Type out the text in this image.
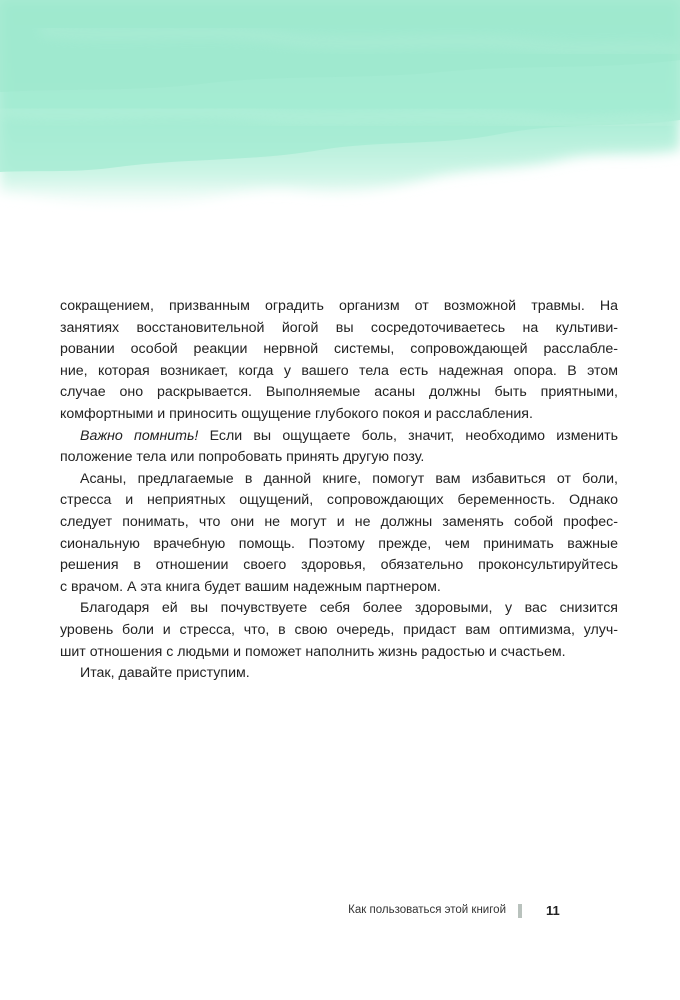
сокращением, призванным оградить организм от возможной травмы. На
занятиях восстановительной йогой вы сосредоточиваетесь на культиви-
ровании особой реакции нервной системы, сопровождающей расслабле-
ние, которая возникает, когда у вашего тела есть надежная опора. В этом
случае оно раскрывается. Выполняемые асаны должны быть приятными,
комфортными и приносить ощущение глубокого покоя и расслабления.

Важно помнить! Если вы ощущаете боль, значит, необходимо изменить
положение тела или попробовать принять другую позу.

Асаны, предлагаемые в данной книге, помогут вам избавиться от боли,
стресса и неприятных ощущений, сопровождающих беременность. Однако
следует понимать, что они не могут и не должны заменять собой профес-
сиональную врачебную помощь. Поэтому прежде, чем принимать важные
решения в отношении своего здоровья, обязательно проконсультируйтесь
с врачом. А эта книга будет вашим надежным партнером.

Благодаря ей вы почувствуете себя более здоровыми, у вас снизится
уровень боли и стресса, что, в свою очередь, придаст вам оптимизма, улуч-
шит отношения с людьми и поможет наполнить жизнь радостью и счастьем.

Итак, давайте приступим.

Как пользоваться этой книгой	11
